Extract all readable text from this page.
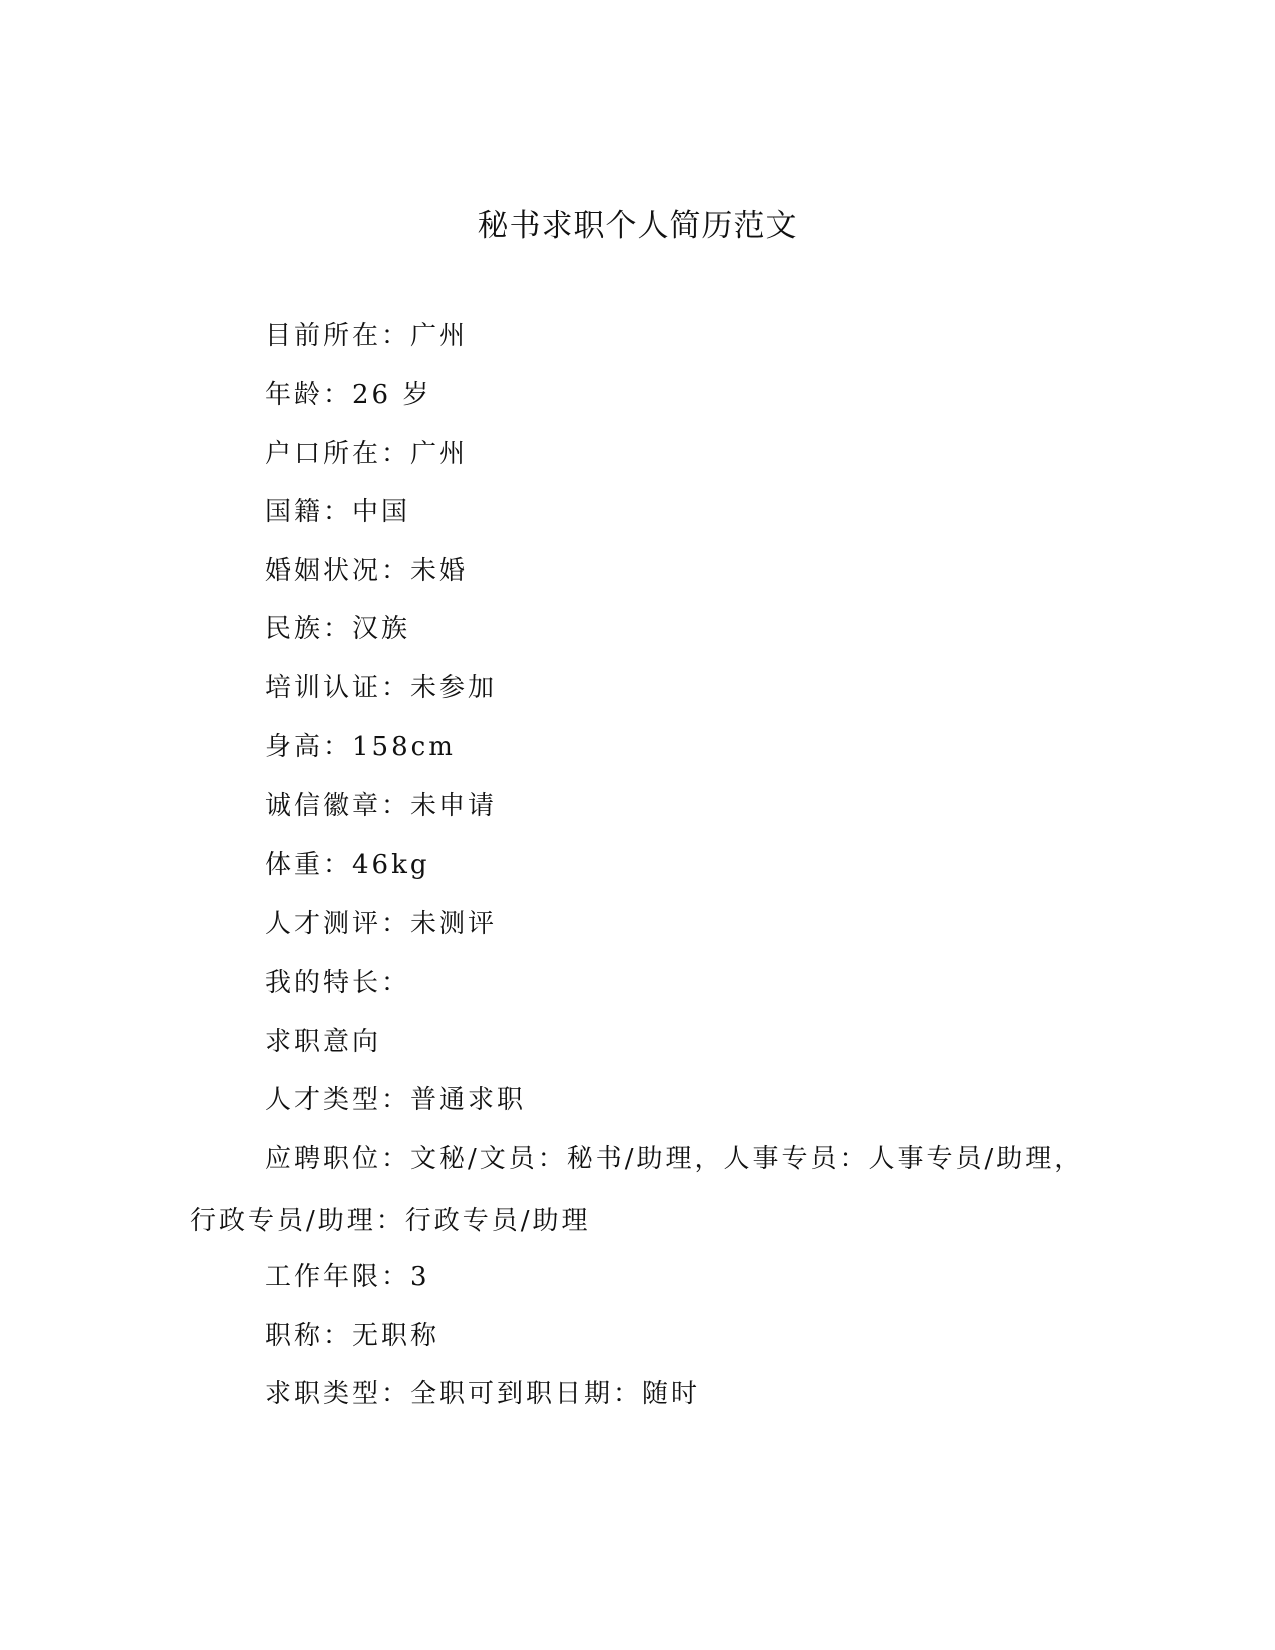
秘书求职个人简历范文
目前所在：广州
年龄：26 岁
户口所在：广州
国籍：中国
婚姻状况：未婚
民族：汉族
培训认证：未参加
身高：158cm
诚信徽章：未申请
体重：46kg
人才测评：未测评
我的特长：
求职意向
人才类型：普通求职
应聘职位：文秘/文员：秘书/助理，人事专员：人事专员/助理，
行政专员/助理：行政专员/助理
工作年限：3
职称：无职称
求职类型：全职可到职日期：随时
